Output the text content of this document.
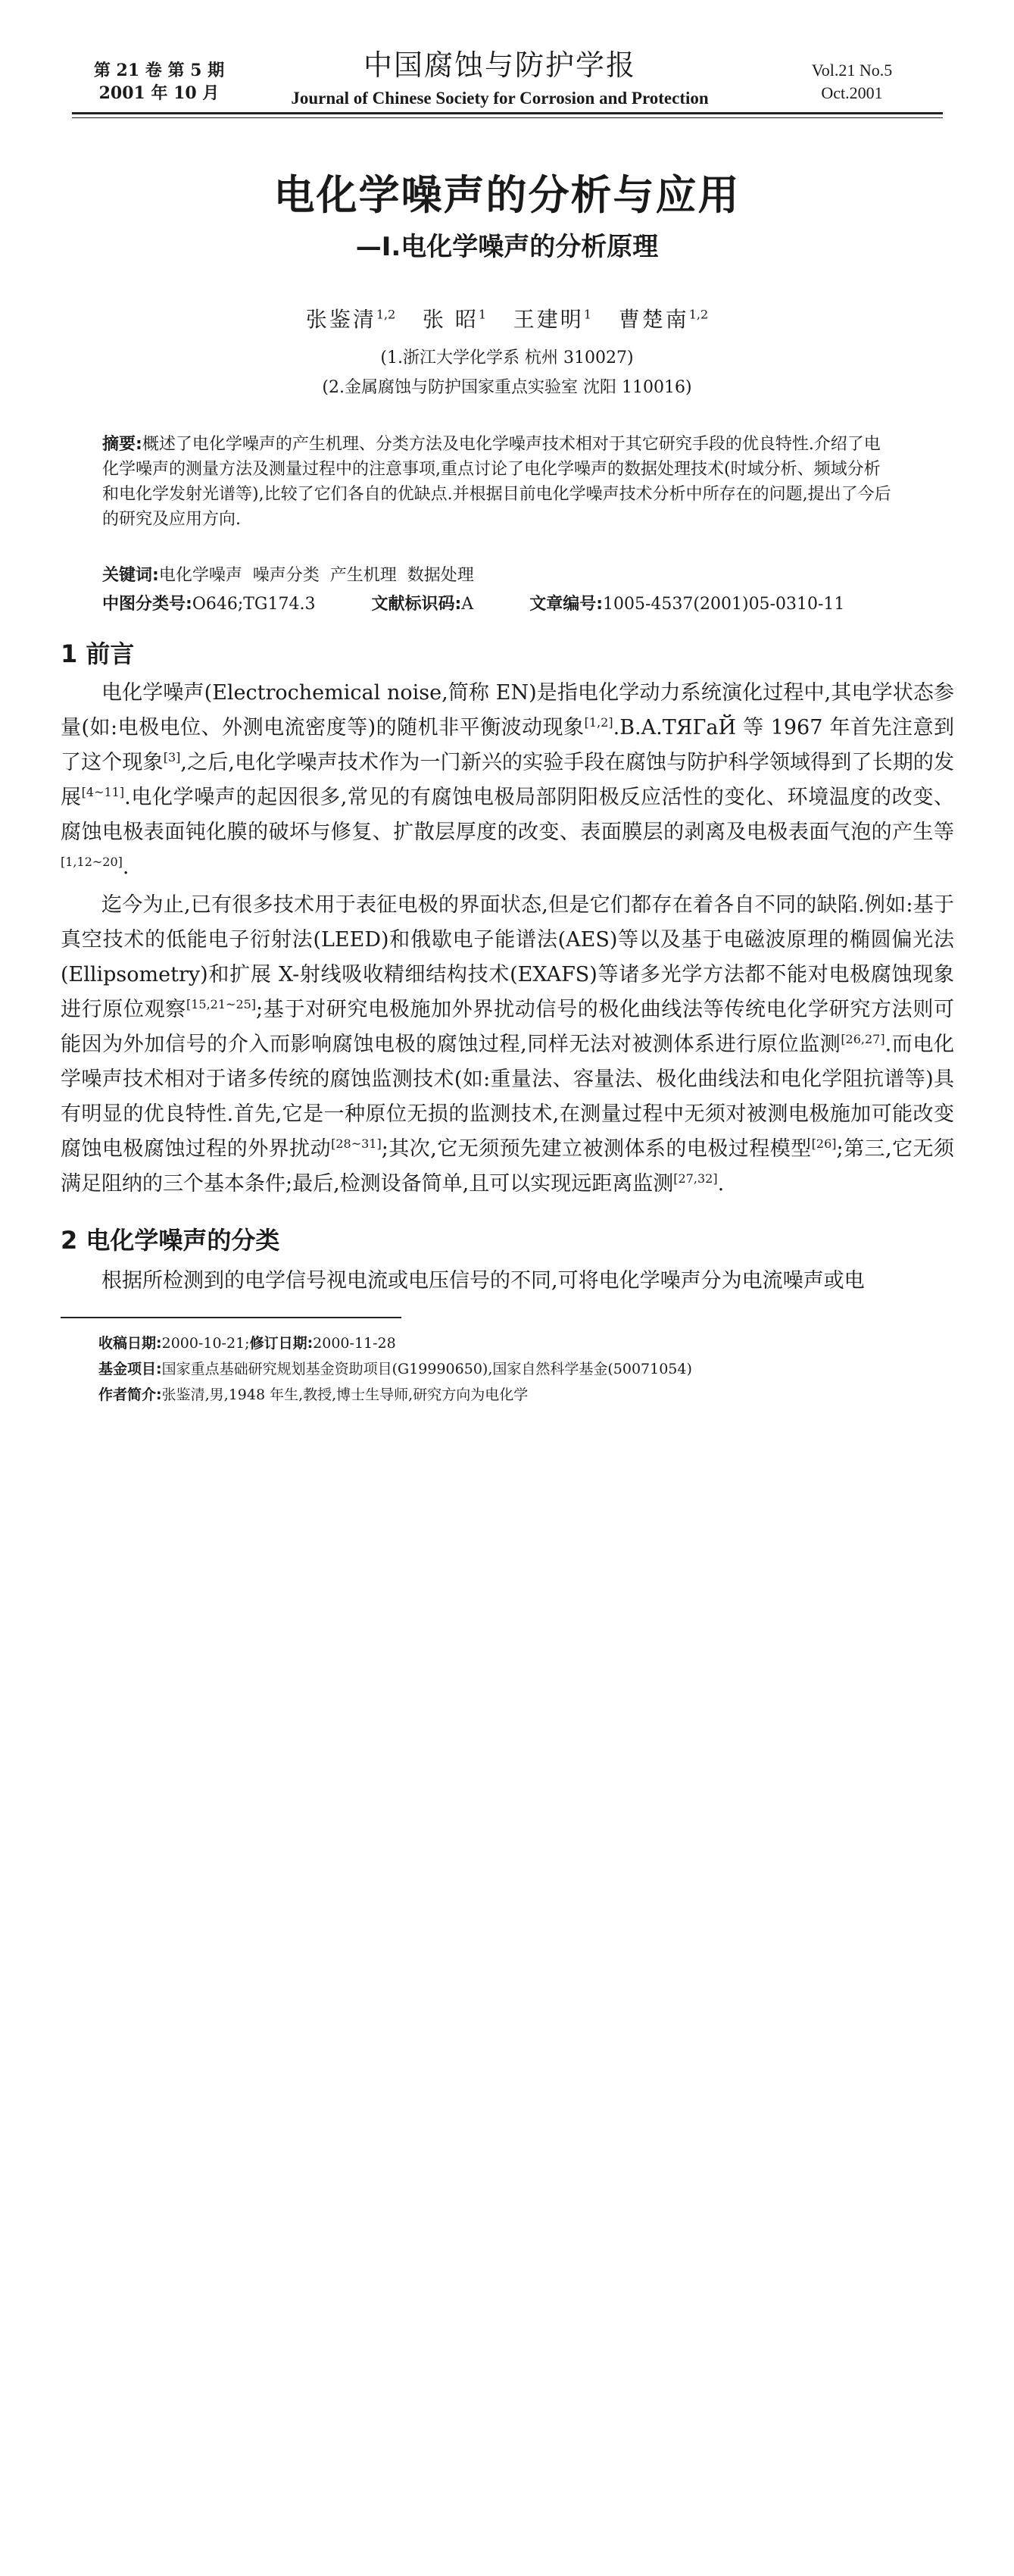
第 21 卷 第 5 期
2001 年 10 月
中国腐蚀与防护学报
Journal of Chinese Society for Corrosion and Protection
Vol.21 No.5
Oct.2001
电化学噪声的分析与应用
—Ⅰ.电化学噪声的分析原理
张鉴清$^{1,2}$ 张 昭$^1$ 王建明$^1$ 曹楚南$^{1,2}$
(1.浙江大学化学系 杭州 310027)
(2.金属腐蚀与防护国家重点实验室 沈阳 110016)
摘要:概述了电化学噪声的产生机理、分类方法及电化学噪声技术相对于其它研究手段的优良特性.介绍了电化学噪声的测量方法及测量过程中的注意事项,重点讨论了电化学噪声的数据处理技术(时域分析、频域分析和电化学发射光谱等),比较了它们各自的优缺点.并根据目前电化学噪声技术分析中所存在的问题,提出了今后的研究及应用方向.
关键词:电化学噪声  噪声分类  产生机理  数据处理
中图分类号:O646;TG174.3	文献标识码:A	文章编号:1005-4537(2001)05-0310-11
1 前言
电化学噪声(Electrochemical noise,简称 EN)是指电化学动力系统演化过程中,其电学状态参量(如:电极电位、外测电流密度等)的随机非平衡波动现象[1,2].B.A.TЯГaЙ 等 1967 年首先注意到了这个现象[3],之后,电化学噪声技术作为一门新兴的实验手段在腐蚀与防护科学领域得到了长期的发展[4~11].电化学噪声的起因很多,常见的有腐蚀电极局部阴阳极反应活性的变化、环境温度的改变、腐蚀电极表面钝化膜的破坏与修复、扩散层厚度的改变、表面膜层的剥离及电极表面气泡的产生等[1,12~20].
迄今为止,已有很多技术用于表征电极的界面状态,但是它们都存在着各自不同的缺陷.例如:基于真空技术的低能电子衍射法(LEED)和俄歇电子能谱法(AES)等以及基于电磁波原理的椭圆偏光法(Ellipsometry)和扩展 X-射线吸收精细结构技术(EXAFS)等诸多光学方法都不能对电极腐蚀现象进行原位观察[15,21~25];基于对研究电极施加外界扰动信号的极化曲线法等传统电化学研究方法则可能因为外加信号的介入而影响腐蚀电极的腐蚀过程,同样无法对被测体系进行原位监测[26,27].而电化学噪声技术相对于诸多传统的腐蚀监测技术(如:重量法、容量法、极化曲线法和电化学阻抗谱等)具有明显的优良特性.首先,它是一种原位无损的监测技术,在测量过程中无须对被测电极施加可能改变腐蚀电极腐蚀过程的外界扰动[28~31];其次,它无须预先建立被测体系的电极过程模型[26];第三,它无须满足阻纳的三个基本条件;最后,检测设备简单,且可以实现远距离监测[27,32].
2 电化学噪声的分类
根据所检测到的电学信号视电流或电压信号的不同,可将电化学噪声分为电流噪声或电
收稿日期:2000-10-21;修订日期:2000-11-28
基金项目:国家重点基础研究规划基金资助项目(G19990650),国家自然科学基金(50071054)
作者简介:张鉴清,男,1948 年生,教授,博士生导师,研究方向为电化学
